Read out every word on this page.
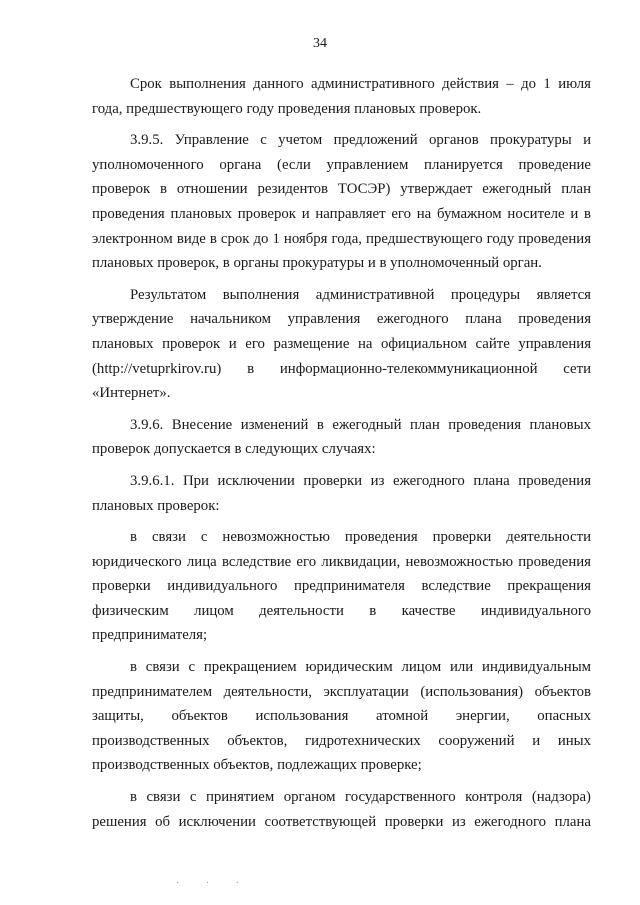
34

Срок выполнения данного административного действия – до 1 июля года, предшествующего году проведения плановых проверок.

3.9.5. Управление с учетом предложений органов прокуратуры и уполномоченного органа (если управлением планируется проведение проверок в отношении резидентов ТОСЭР) утверждает ежегодный план проведения плановых проверок и направляет его на бумажном носителе и в электронном виде в срок до 1 ноября года, предшествующего году проведения плановых проверок, в органы прокуратуры и в уполномоченный орган.

Результатом выполнения административной процедуры является утверждение начальником управления ежегодного плана проведения плановых проверок и его размещение на официальном сайте управления (http://vetuprkirov.ru) в информационно-телекоммуникационной сети «Интернет».

3.9.6. Внесение изменений в ежегодный план проведения плановых проверок допускается в следующих случаях:

3.9.6.1. При исключении проверки из ежегодного плана проведения плановых проверок:

в связи с невозможностью проведения проверки деятельности юридического лица вследствие его ликвидации, невозможностью проведения проверки индивидуального предпринимателя вследствие прекращения физическим лицом деятельности в качестве индивидуального предпринимателя;

в связи с прекращением юридическим лицом или индивидуальным предпринимателем деятельности, эксплуатации (использования) объектов защиты, объектов использования атомной энергии, опасных производственных объектов, гидротехнических сооружений и иных производственных объектов, подлежащих проверке;

в связи с принятием органом государственного контроля (надзора) решения об исключении соответствующей проверки из ежегодного плана

· · ·
